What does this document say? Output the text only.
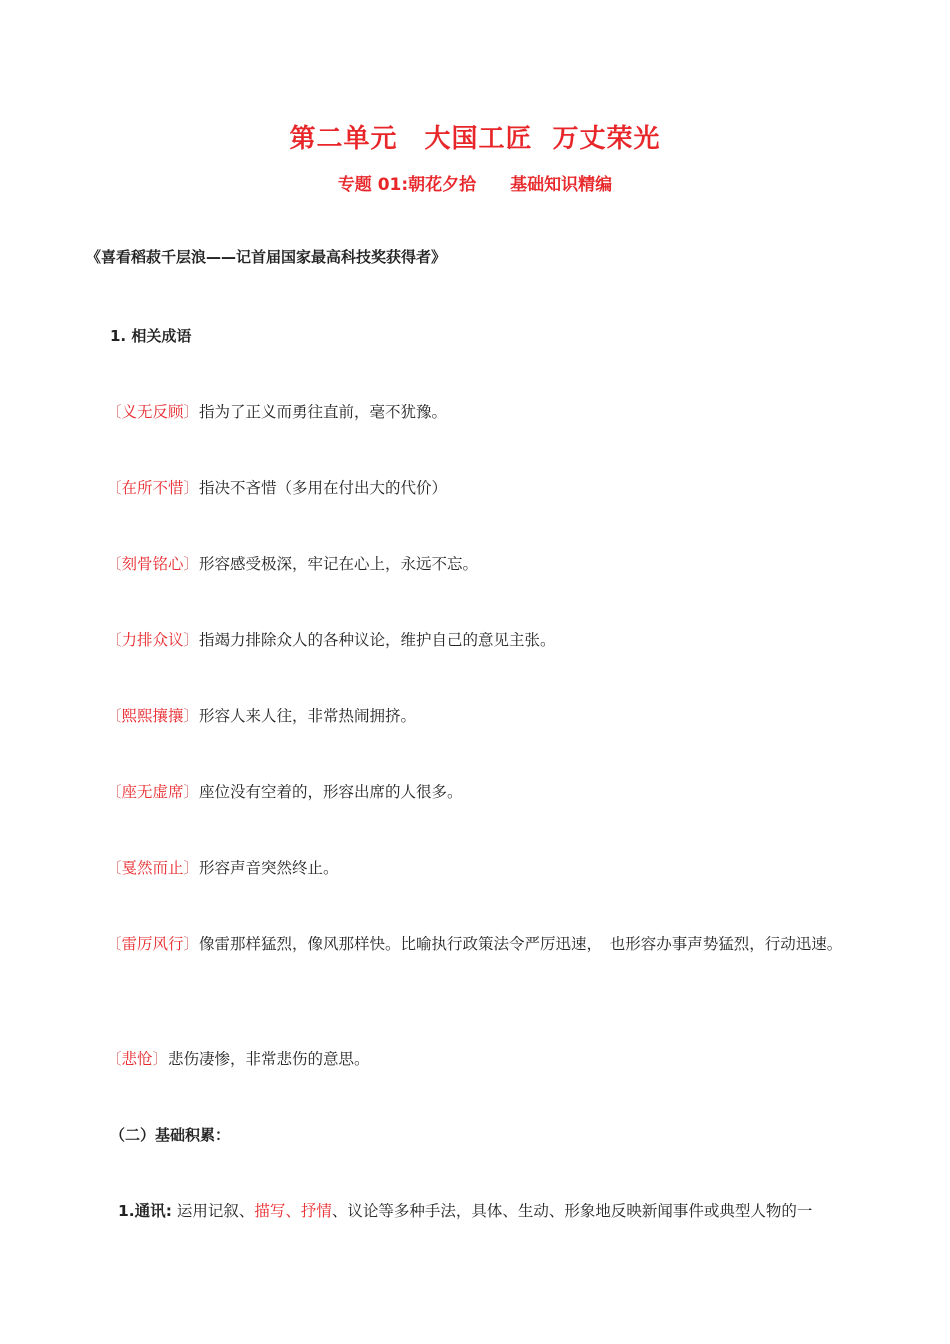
第二单元　大国工匠  万丈荣光
专题 01:朝花夕拾　　基础知识精编
《喜看稻菽千层浪——记首届国家最高科技奖获得者》
1. 相关成语
〔义无反顾〕指为了正义而勇往直前，毫不犹豫。
〔在所不惜〕指决不吝惜（多用在付出大的代价）
〔刻骨铭心〕形容感受极深，牢记在心上，永远不忘。
〔力排众议〕指竭力排除众人的各种议论，维护自己的意见主张。
〔熙熙攘攘〕形容人来人往，非常热闹拥挤。
〔座无虚席〕座位没有空着的，形容出席的人很多。
〔戛然而止〕形容声音突然终止。
〔雷厉风行〕像雷那样猛烈，像风那样快。比喻执行政策法令严厉迅速，　也形容办事声势猛烈，行动迅速。
〔悲怆〕悲伤凄惨，非常悲伤的意思。
（二）基础积累：
1.通讯: 运用记叙、描写、抒情、议论等多种手法，具体、生动、形象地反映新闻事件或典型人物的一
